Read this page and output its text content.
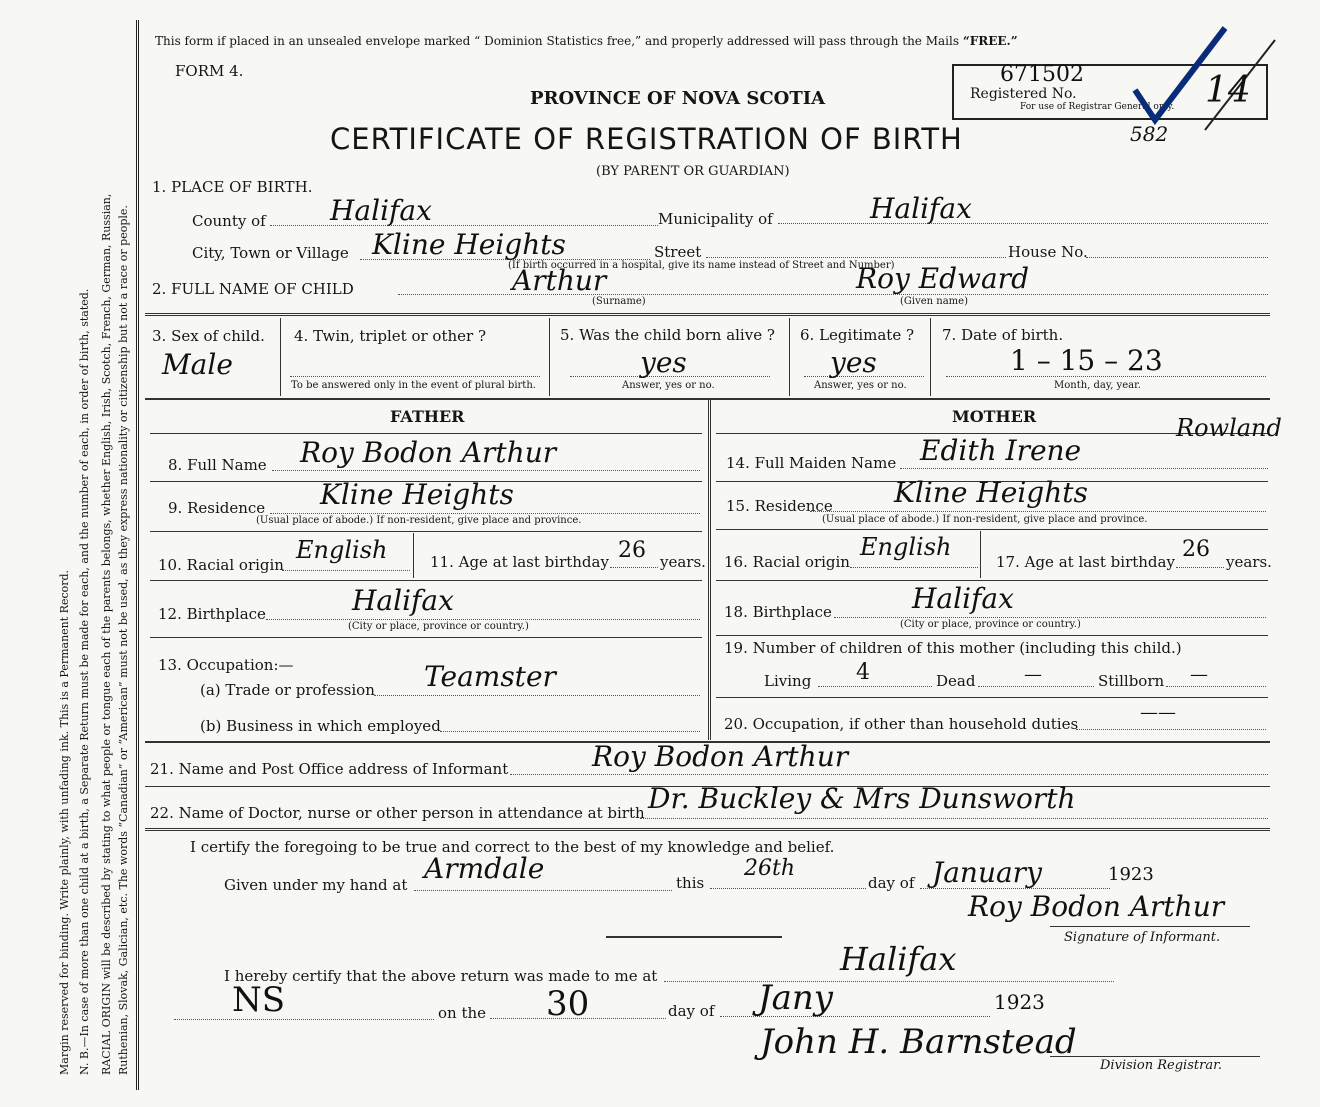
Margin reserved for binding. Write plainly, with unfading ink. This is a Permanent Record. N. B.—In case of more than one child at a birth, a Separate Return must be made for each, and the number of each, in order of birth, stated. RACIAL ORIGIN will be described by stating to what people or tongue each of the parents belongs, whether English, Irish, Scotch, French, German, Russian, Ruthenian, Slovak, Galician, etc. The words “Canadian” or “American” must not be used, as they express nationality or citizenship but not a race or people.
This form if placed in an unsealed envelope marked “ Dominion Statistics free,” and properly addressed will pass through the Mails “FREE.”
FORM 4.
PROVINCE OF NOVA SCOTIA
CERTIFICATE OF REGISTRATION OF BIRTH
(BY PARENT OR GUARDIAN)
671502
Registered No.
For use of Registrar General only. 14
582
1. PLACE OF BIRTH.
County of Halifax	Municipality of	Halifax
City, Town or Village Kline Heights	Street	House No.
(If birth occurred in a hospital, give its name instead of Street and Number)
2. FULL NAME OF CHILD	Arthur
(Surname)
Roy Edward
(Given name)
3. Sex of child.
Male
4. Twin, triplet or other ?
To be answered only in the event of plural birth.
5. Was the child born alive ?
yes
Answer, yes or no.
6. Legitimate ?
yes
Answer, yes or no.
7. Date of birth.
1 – 15 – 23
Month, day, year.
FATHER	MOTHER
8. Full Name Roy Bodon Arthur
9. Residence Kline Heights
(Usual place of abode.) If non-resident, give place and province.
10. Racial origin
English	11. Age at last birthday 26 years.
12. Birthplace	Halifax
(City or place, province or country.)
13. Occupation:—
(a) Trade or profession Teamster
(b) Business in which employed
14. Full Maiden Name Edith Irene
Rowland
15. Residence Kline Heights
(Usual place of abode.) If non-resident, give place and province.
16. Racial origin
English
17. Age at last birthday 26 years.
18. Birthplace	Halifax
(City or place, province or country.)
19. Number of children of this mother (including this child.)
Living 4	Dead	—	Stillborn —
20. Occupation, if other than household duties
——
21. Name and Post Office address of Informant	Roy Bodon Arthur
22. Name of Doctor, nurse or other person in attendance at birth Dr. Buckley & Mrs Dunsworth
I certify the foregoing to be true and correct to the best of my knowledge and belief.
Given under my hand at Armdale	this
26th
day of January	1923
Roy Bodon Arthur
Signature of Informant.
I hereby certify that the above return was made to me at	Halifax
NS	on the 30	day of Jany	1923
John H. Barnstead
Division Registrar.
